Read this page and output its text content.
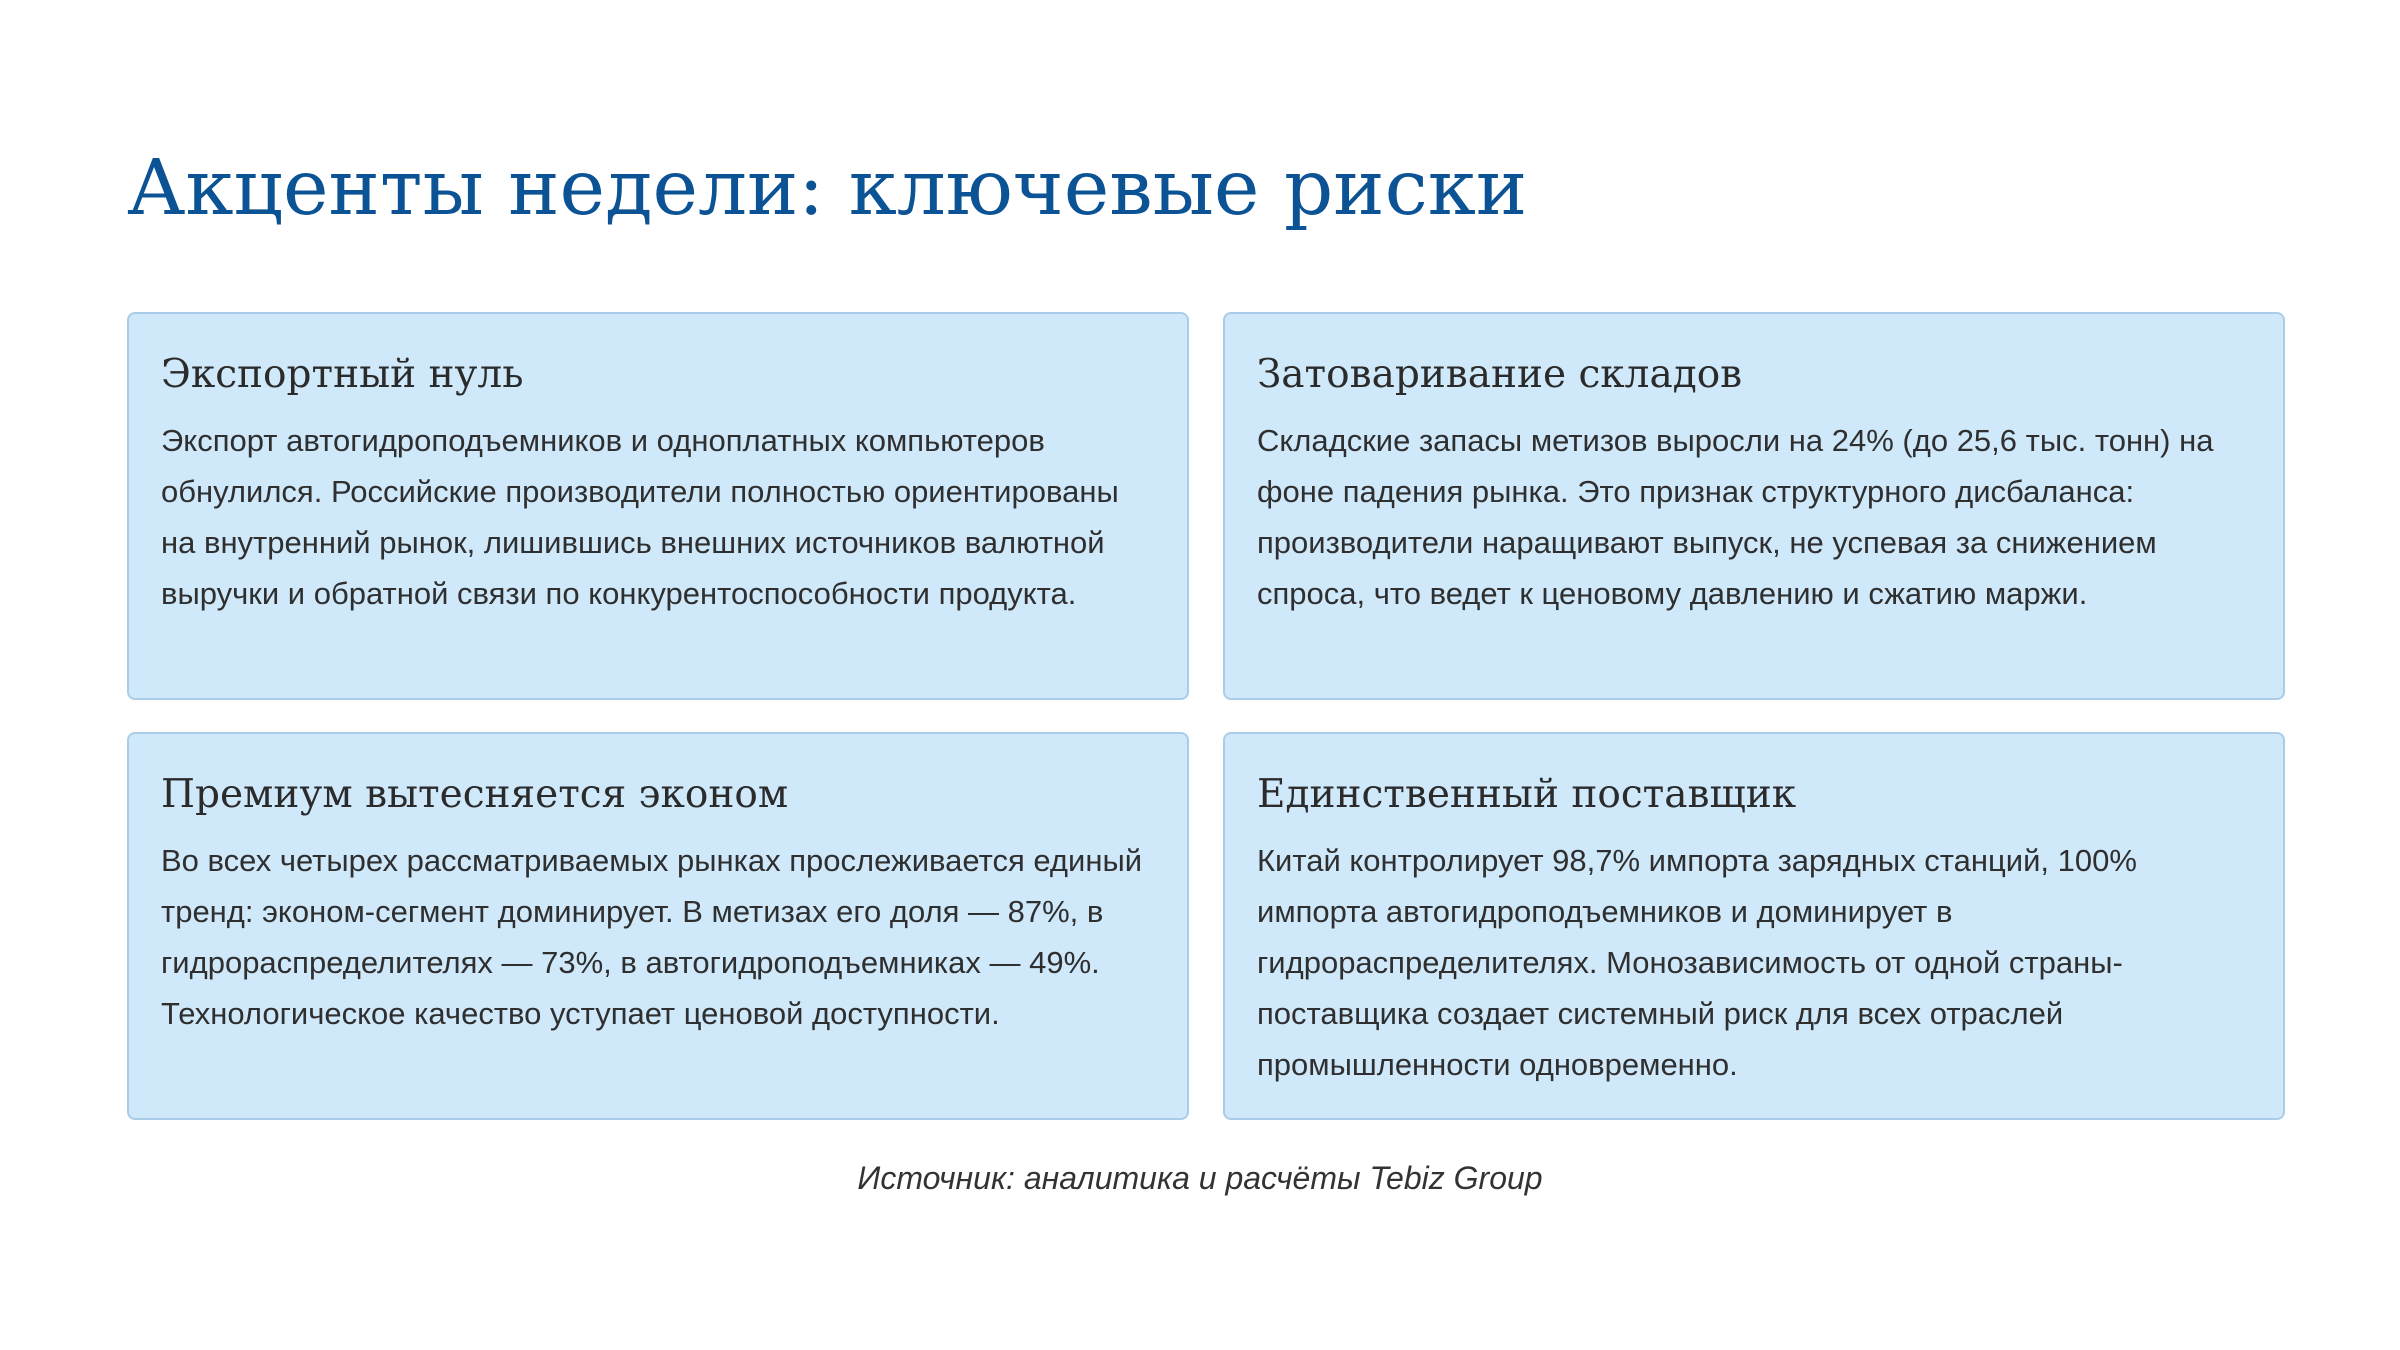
Акценты недели: ключевые риски
Экспортный нуль

Экспорт автогидроподъемников и одноплатных компьютеров обнулился. Российские производители полностью ориентированы на внутренний рынок, лишившись внешних источников валютной выручки и обратной связи по конкурентоспособности продукта.

Затоваривание складов

Складские запасы метизов выросли на 24% (до 25,6 тыс. тонн) на фоне падения рынка. Это признак структурного дисбаланса: производители наращивают выпуск, не успевая за снижением спроса, что ведет к ценовому давлению и сжатию маржи.

Премиум вытесняется эконом

Во всех четырех рассматриваемых рынках прослеживается единый тренд: эконом-сегмент доминирует. В метизах его доля — 87%, в гидрораспределителях — 73%, в автогидроподъемниках — 49%. Технологическое качество уступает ценовой доступности.

Единственный поставщик

Китай контролирует 98,7% импорта зарядных станций, 100% импорта автогидроподъемников и доминирует в гидрораспределителях. Монозависимость от одной страны-поставщика создает системный риск для всех отраслей промышленности одновременно.

Источник: аналитика и расчёты Tebiz Group
